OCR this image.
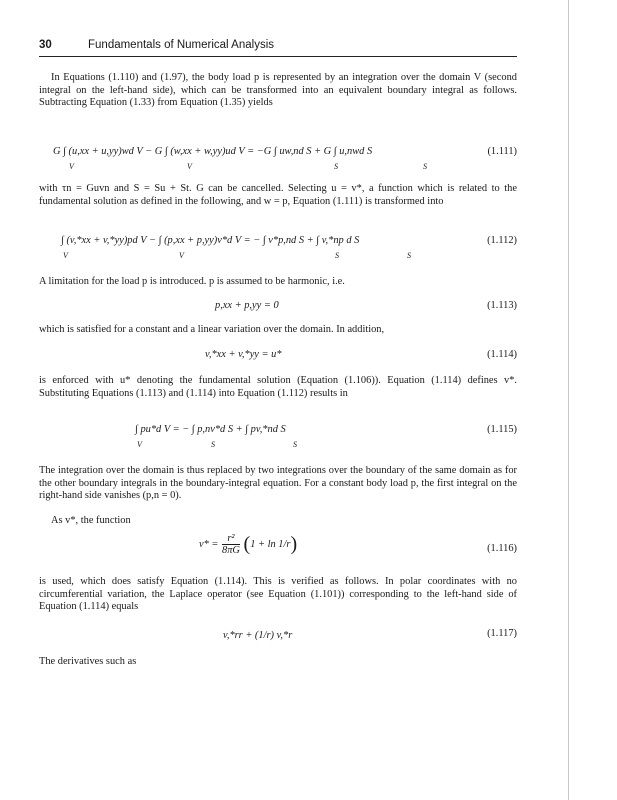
30	Fundamentals of Numerical Analysis

In Equations (1.110) and (1.97), the body load p is represented by an integration over the domain V (second integral on the left-hand side), which can be transformed into an equivalent boundary integral as follows. Subtracting Equation (1.33) from Equation (1.35) yields

G ∫ (u,xx + u,yy)wd V − G ∫ (w,xx + w,yy)ud V = −G ∫ uw,nd S + G ∫ u,nwd S
V	V	S	S
(1.111)

with τn = Guvn and S = Su + St. G can be cancelled. Selecting u = v*, a function which is related to the fundamental solution as defined in the following, and w = p, Equation (1.111) is transformed into

∫ (v,*xx + v,*yy)pd V − ∫ (p,xx + p,yy)v*d V = − ∫ v*p,nd S + ∫ v,*np d S
V	V	S	S
(1.112)

A limitation for the load p is introduced. p is assumed to be harmonic, i.e.

p,xx + p,yy = 0	(1.113)

which is satisfied for a constant and a linear variation over the domain. In addition,

v,*xx + v,*yy = u*	(1.114)

is enforced with u* denoting the fundamental solution (Equation (1.106)). Equation (1.114) defines v*. Substituting Equations (1.113) and (1.114) into Equation (1.112) results in

∫ pu*d V = − ∫ p,nv*d S + ∫ pv,*nd S
V	S	S
(1.115)

The integration over the domain is thus replaced by two integrations over the boundary of the same domain as for the other boundary integrals in the boundary-integral equation. For a constant body load p, the first integral on the right-hand side vanishes (p,n = 0).

As v*, the function

$v* = \frac{\text{r²}}{8\pi G} (1 + \ln 1/r)$	(1.116)

is used, which does satisfy Equation (1.114). This is verified as follows. In polar coordinates with no circumferential variation, the Laplace operator (see Equation (1.101)) corresponding to the left-hand side of Equation (1.114) equals

v,*rr + (1/r) v,*r	(1.117)

The derivatives such as
